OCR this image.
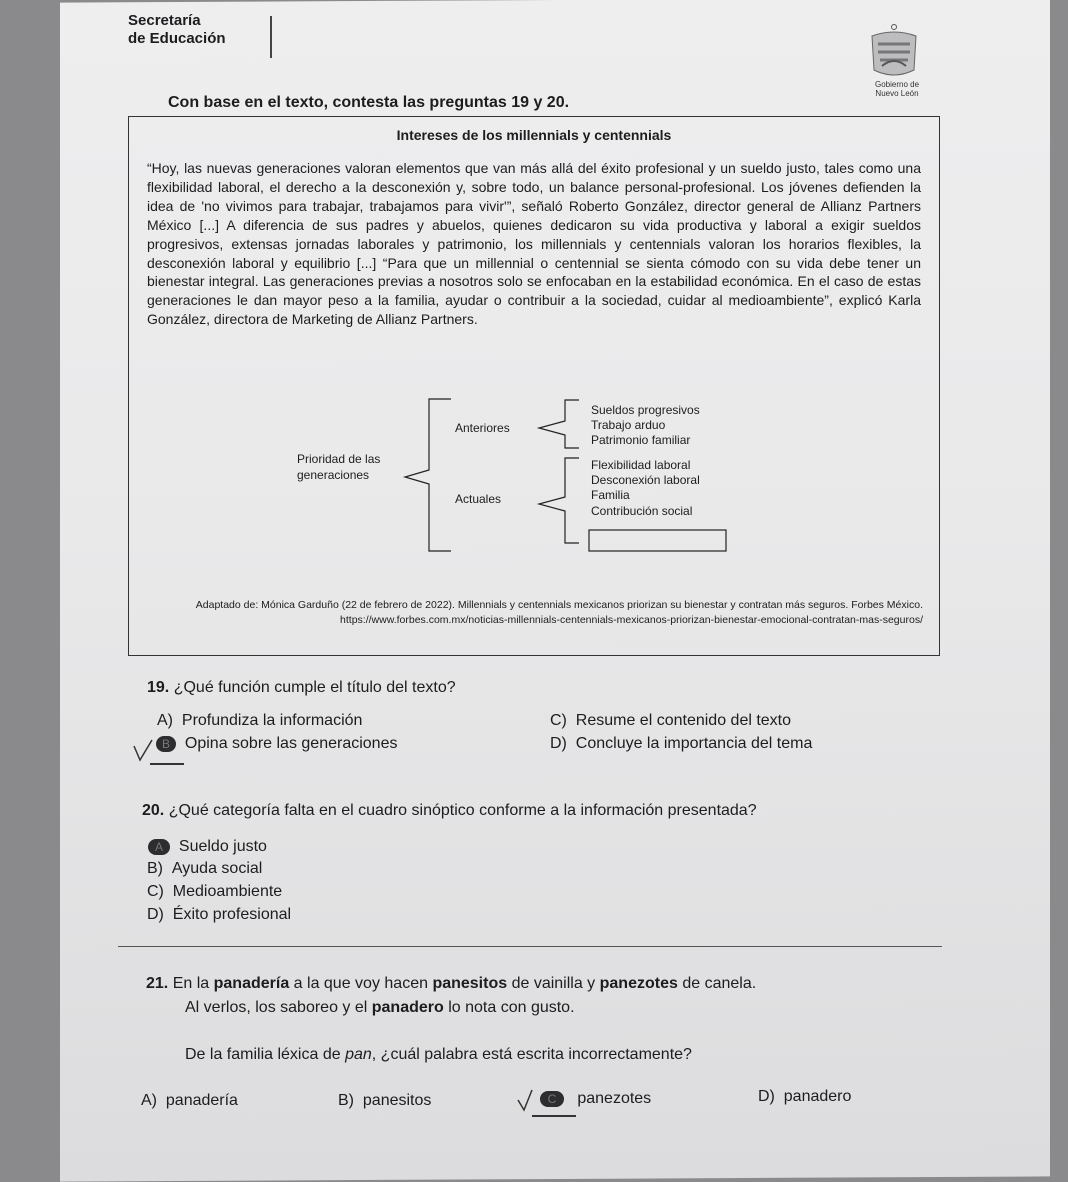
Secretaría
de Educación
Gobierno de
Nuevo León
Con base en el texto, contesta las preguntas 19 y 20.
Intereses de los millennials y centennials
“Hoy, las nuevas generaciones valoran elementos que van más allá del éxito profesional y un sueldo justo, tales como una flexibilidad laboral, el derecho a la desconexión y, sobre todo, un balance personal-profesional. Los jóvenes defienden la idea de 'no vivimos para trabajar, trabajamos para vivir'”, señaló Roberto González, director general de Allianz Partners México [...] A diferencia de sus padres y abuelos, quienes dedicaron su vida productiva y laboral a exigir sueldos progresivos, extensas jornadas laborales y patrimonio, los millennials y centennials valoran los horarios flexibles, la desconexión laboral y equilibrio [...] “Para que un millennial o centennial se sienta cómodo con su vida debe tener un bienestar integral. Las generaciones previas a nosotros solo se enfocaban en la estabilidad económica. En el caso de estas generaciones le dan mayor peso a la familia, ayudar o contribuir a la sociedad, cuidar al medioambiente”, explicó Karla González, directora de Marketing de Allianz Partners.
Prioridad de las
generaciones
Anteriores
Actuales
Sueldos progresivos
Trabajo arduo
Patrimonio familiar
Flexibilidad laboral
Desconexión laboral
Familia
Contribución social
Adaptado de: Mónica Garduño (22 de febrero de 2022). Millennials y centennials mexicanos priorizan su bienestar y contratan más seguros. Forbes México. https://www.forbes.com.mx/noticias-millennials-centennials-mexicanos-priorizan-bienestar-emocional-contratan-mas-seguros/
19. ¿Qué función cumple el título del texto?
A) Profundiza la información
B Opina sobre las generaciones
C) Resume el contenido del texto
D) Concluye la importancia del tema
20. ¿Qué categoría falta en el cuadro sinóptico conforme a la información presentada?
A Sueldo justo
B) Ayuda social
C) Medioambiente
D) Éxito profesional
21. En la panadería a la que voy hacen panesitos de vainilla y panezotes de canela.
Al verlos, los saboreo y el panadero lo nota con gusto.
De la familia léxica de pan, ¿cuál palabra está escrita incorrectamente?
A) panadería	B) panesitos	C panezotes	D) panadero
